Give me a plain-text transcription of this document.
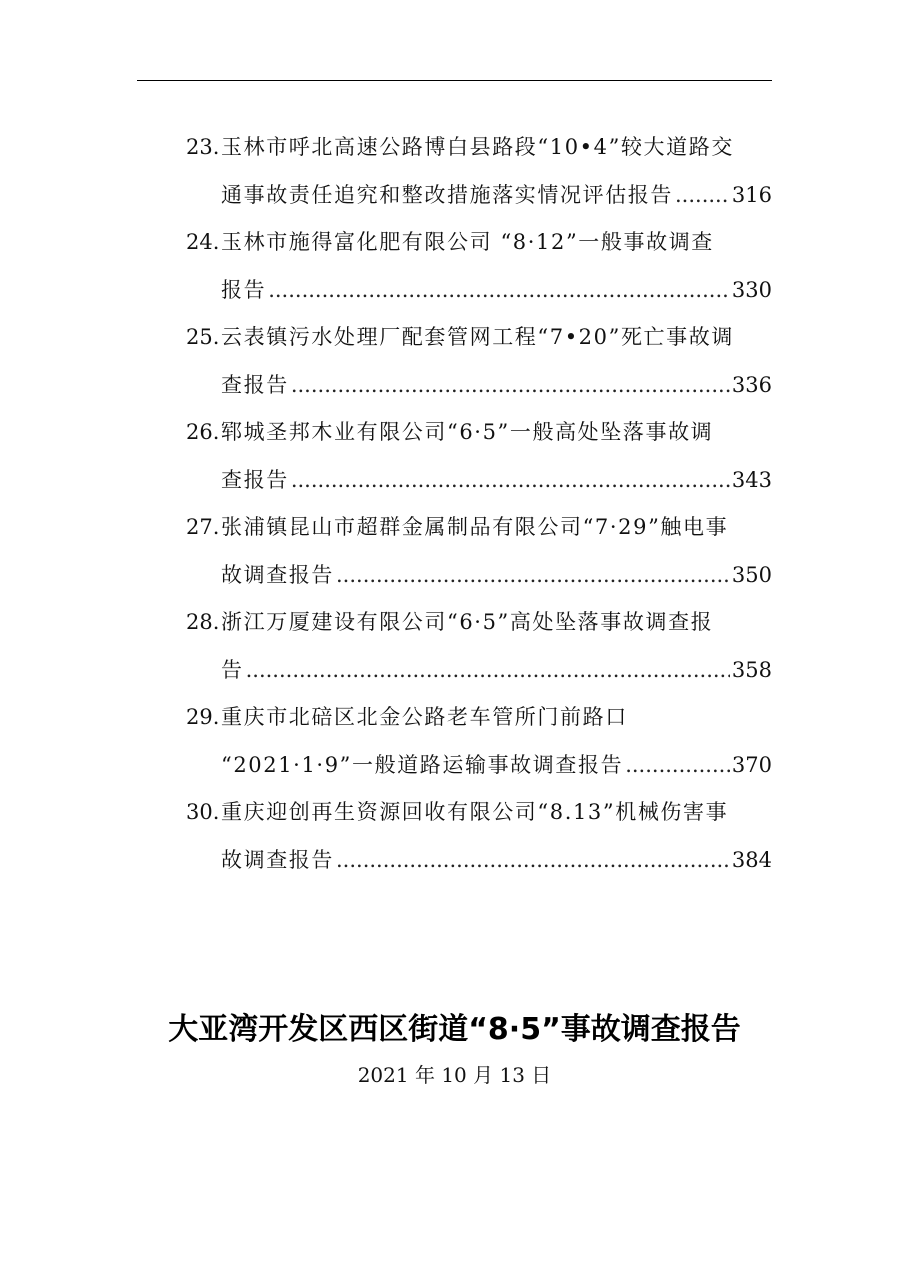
23.玉林市呼北高速公路博白县路段“10•4”较大道路交
通事故责任追究和整改措施落实情况评估报告 .....	316
24.玉林市施得富化肥有限公司 “8·12”一般事故调查
报告 .....	330
25.云表镇污水处理厂配套管网工程“7•20”死亡事故调
查报告 .....	336
26.郓城圣邦木业有限公司“6·5”一般高处坠落事故调
查报告 .....	343
27.张浦镇昆山市超群金属制品有限公司“7·29”触电事
故调查报告 .....	350
28.浙江万厦建设有限公司“6·5”高处坠落事故调查报
告 .....	358
29.重庆市北碚区北金公路老车管所门前路口
“2021·1·9”一般道路运输事故调查报告 .....	370
30.重庆迎创再生资源回收有限公司“8.13”机械伤害事
故调查报告 .....	384
大亚湾开发区西区街道“8·5”事故调查报告
2021 年 10 月 13 日
